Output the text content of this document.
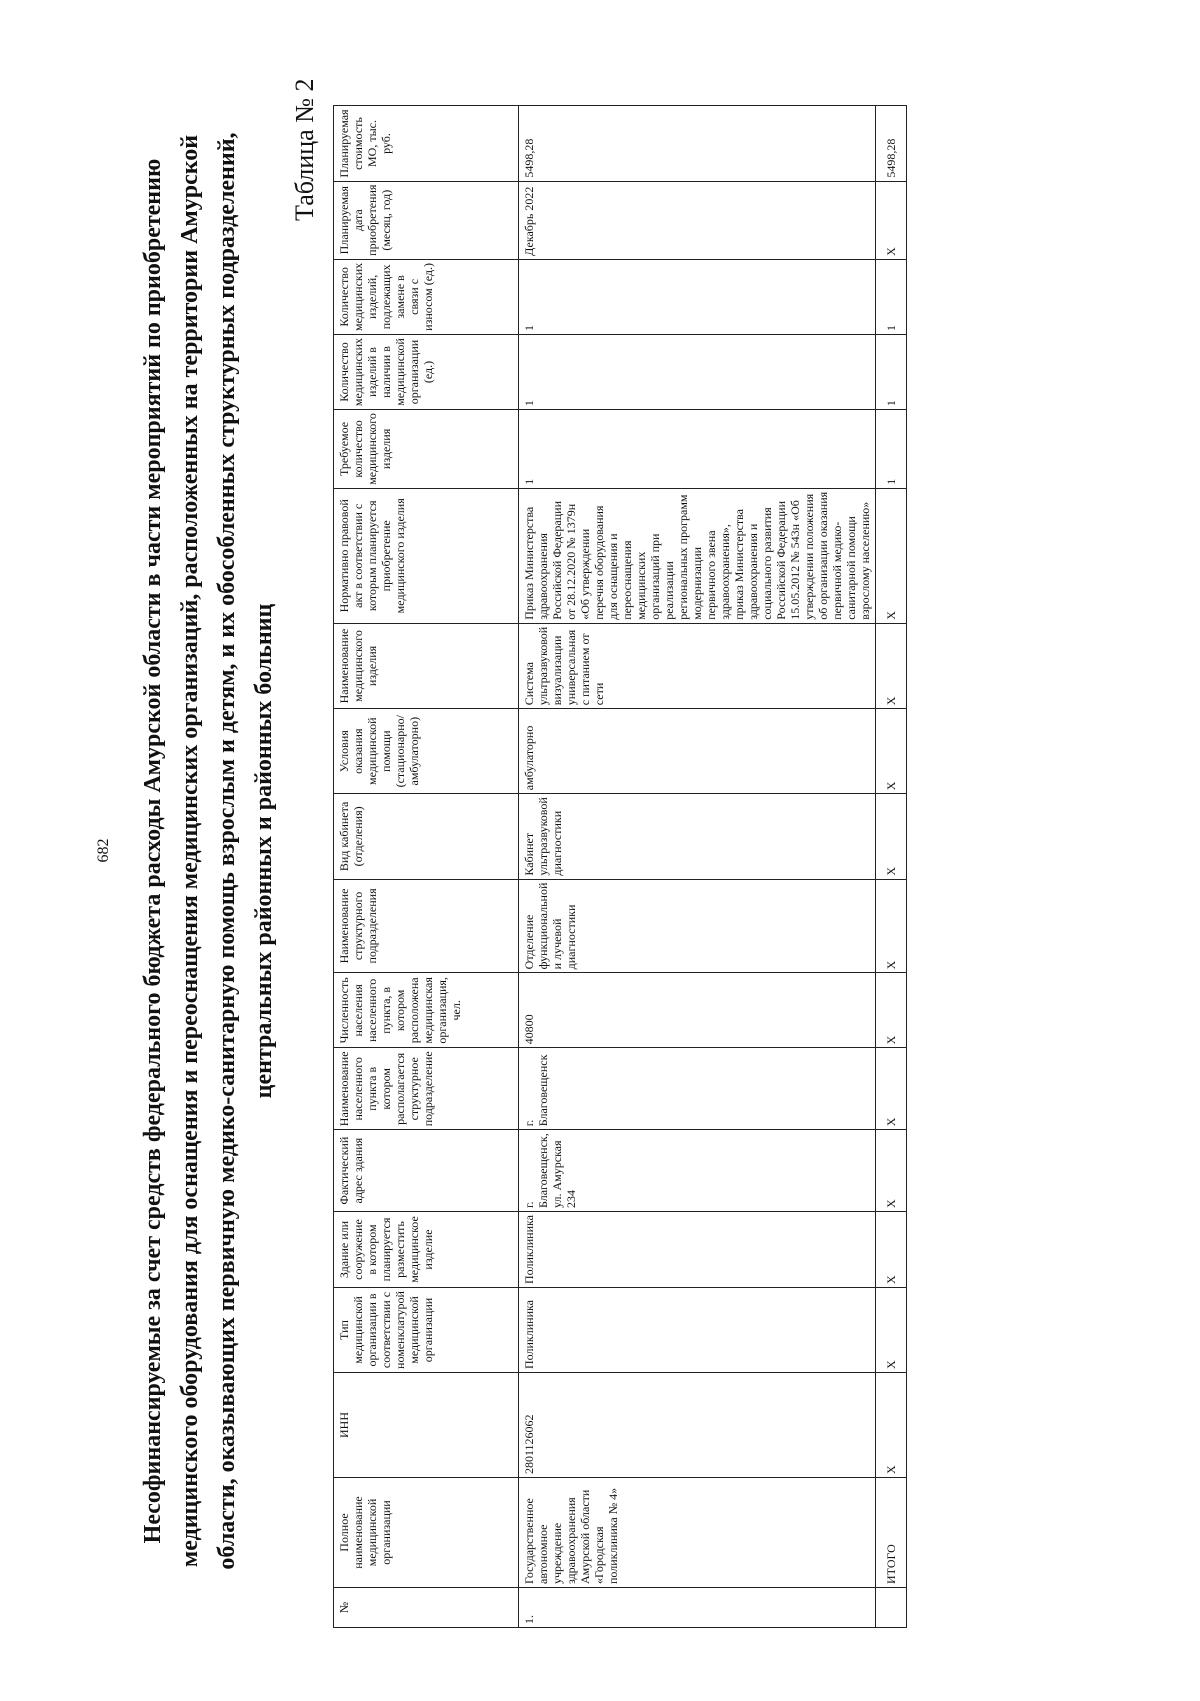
682 Несофинансируемые за счет средств федерального бюджета расходы Амурской области в части мероприятий по приобретению медицинского оборудования для оснащения и переоснащения медицинских организаций, расположенных на территории Амурской области, оказывающих первичную медико-санитарную помощь взрослым и детям, и их обособленных структурных подразделений, центральных районных и районных больниц
Таблица № 2
№	Полное наименование медицинской организации	ИНН	Тип медицинской организации в соответствии с номенклатурой медицинской организации	Здание или сооружение в котором планируется разместить медицинское изделие	Фактический адрес здания	Наименование населенного пункта в котором располагается структурное подразделение	Численность населения населенного пункта, в котором расположена медицинская организация, чел.	Наименование структурного подразделения	Вид кабинета (отделения)	Условия оказания медицинской помощи (стационарно/ амбулаторно)	Наименование медицинского изделия	Нормативно правовой акт в соответствии с которым планируется приобретение медицинского изделия	Требуемое количество медицинского изделия	Количество медицинских изделий в наличии в медицинской организации (ед.)	Количество медицинских изделий, подлежащих замене в связи с износом (ед.)	Планируемая дата приобретения (месяц, год)	Планируемая стоимость МО, тыс. руб.
1.	Государственное автономное учреждение здравоохранения Амурской области «Городская поликлиника № 4»	2801126062	Поликлиника	Поликлиника	г. Благовещенск, ул. Амурская 234	г. Благовещенск	40800	Отделение функциональной и лучевой диагностики	Кабинет ультразвуковой диагностики	амбулаторно	Система ультразвуковой визуализации универсальная с питанием от сети	Приказ Министерства здравоохранения Российской Федерации от 28.12.2020 № 1379н «Об утверждении перечня оборудования для оснащения и переоснащения медицинских организаций при реализации региональных программ модернизации первичного звена здравоохранения», приказ Министерства здравоохранения и социального развития Российской Федерации 15.05.2012 № 543н «Об утверждении положения об организации оказания первичной медико-санитарной помощи взрослому населению»	1	1	1	Декабрь 2022	5498,28
	ИТОГО	X	X	X	X	X	X	X	X	X	X	X	1	1	1	X	5498,28
